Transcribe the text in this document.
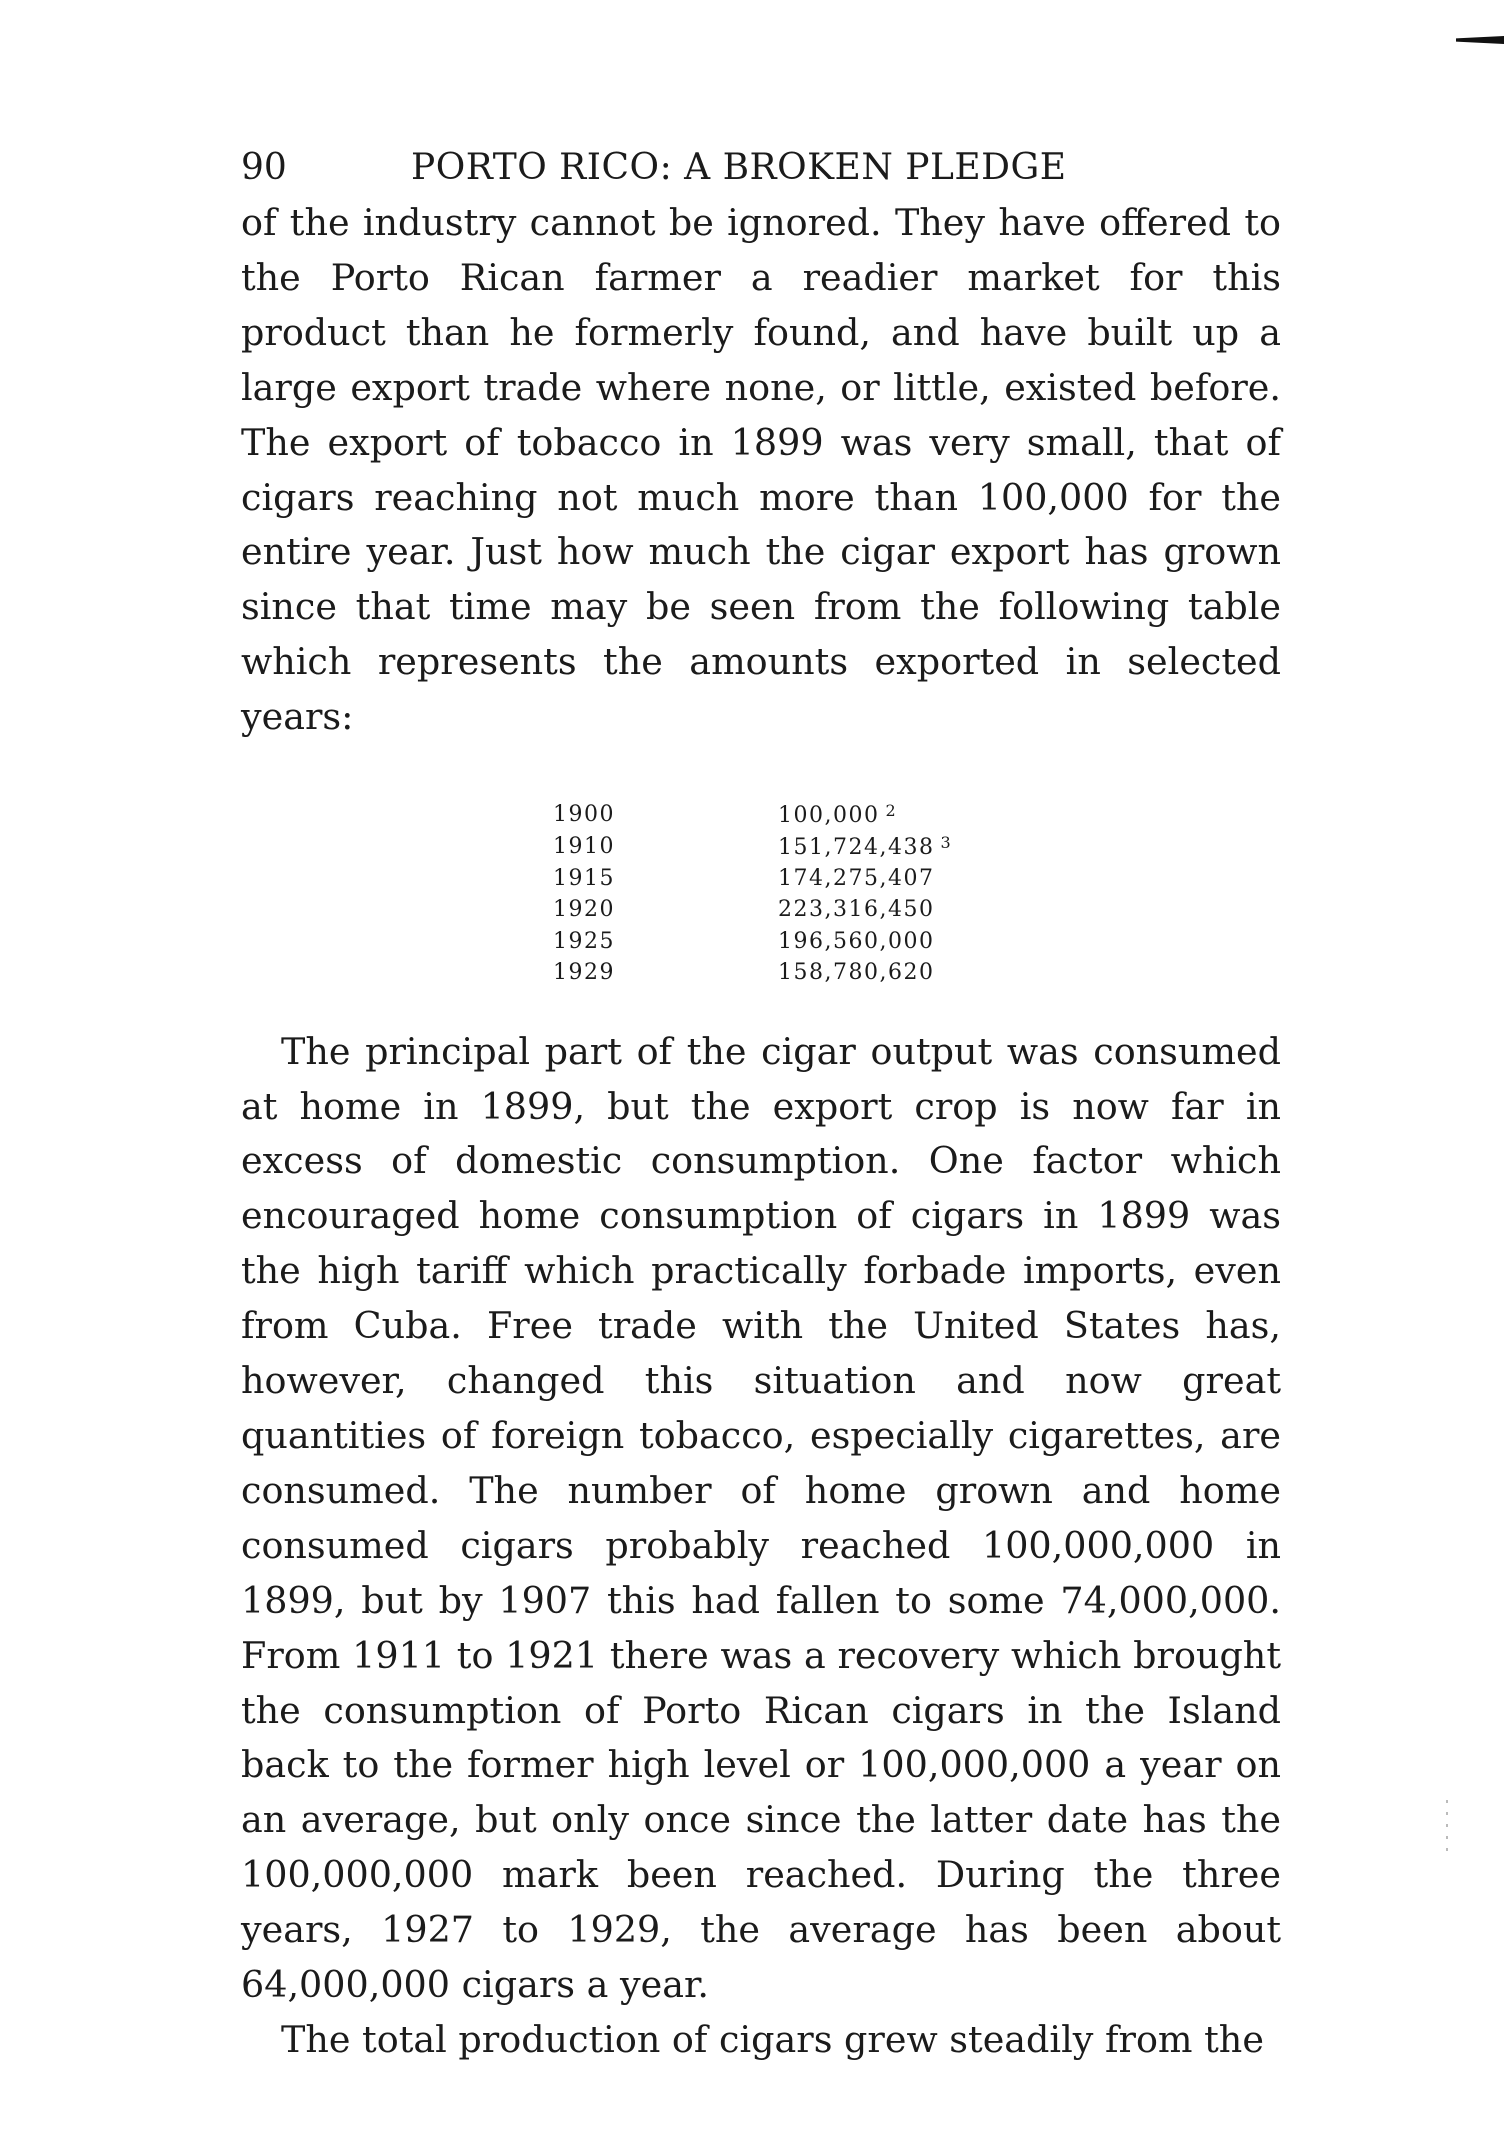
90	PORTO RICO: A BROKEN PLEDGE

of the industry cannot be ignored. They have offered to the Porto Rican farmer a readier market for this product than he formerly found, and have built up a large export trade where none, or little, existed before. The export of tobacco in 1899 was very small, that of cigars reaching not much more than 100,000 for the entire year. Just how much the cigar export has grown since that time may be seen from the following table which represents the amounts exported in selected years:

1900	100,000 $^2$
1910	151,724,438 $^3$
1915	174,275,407
1920	223,316,450
1925	196,560,000
1929	158,780,620

The principal part of the cigar output was consumed at home in 1899, but the export crop is now far in excess of domestic consumption. One factor which encouraged home consumption of cigars in 1899 was the high tariff which practically forbade imports, even from Cuba. Free trade with the United States has, however, changed this situation and now great quantities of foreign tobacco, especially cigarettes, are consumed. The number of home grown and home consumed cigars probably reached 100,000,000 in 1899, but by 1907 this had fallen to some 74,000,000. From 1911 to 1921 there was a recovery which brought the consumption of Porto Rican cigars in the Island back to the former high level or 100,000,000 a year on an average, but only once since the latter date has the 100,000,000 mark been reached. During the three years, 1927 to 1929, the average has been about 64,000,000 cigars a year.

The total production of cigars grew steadily from the
